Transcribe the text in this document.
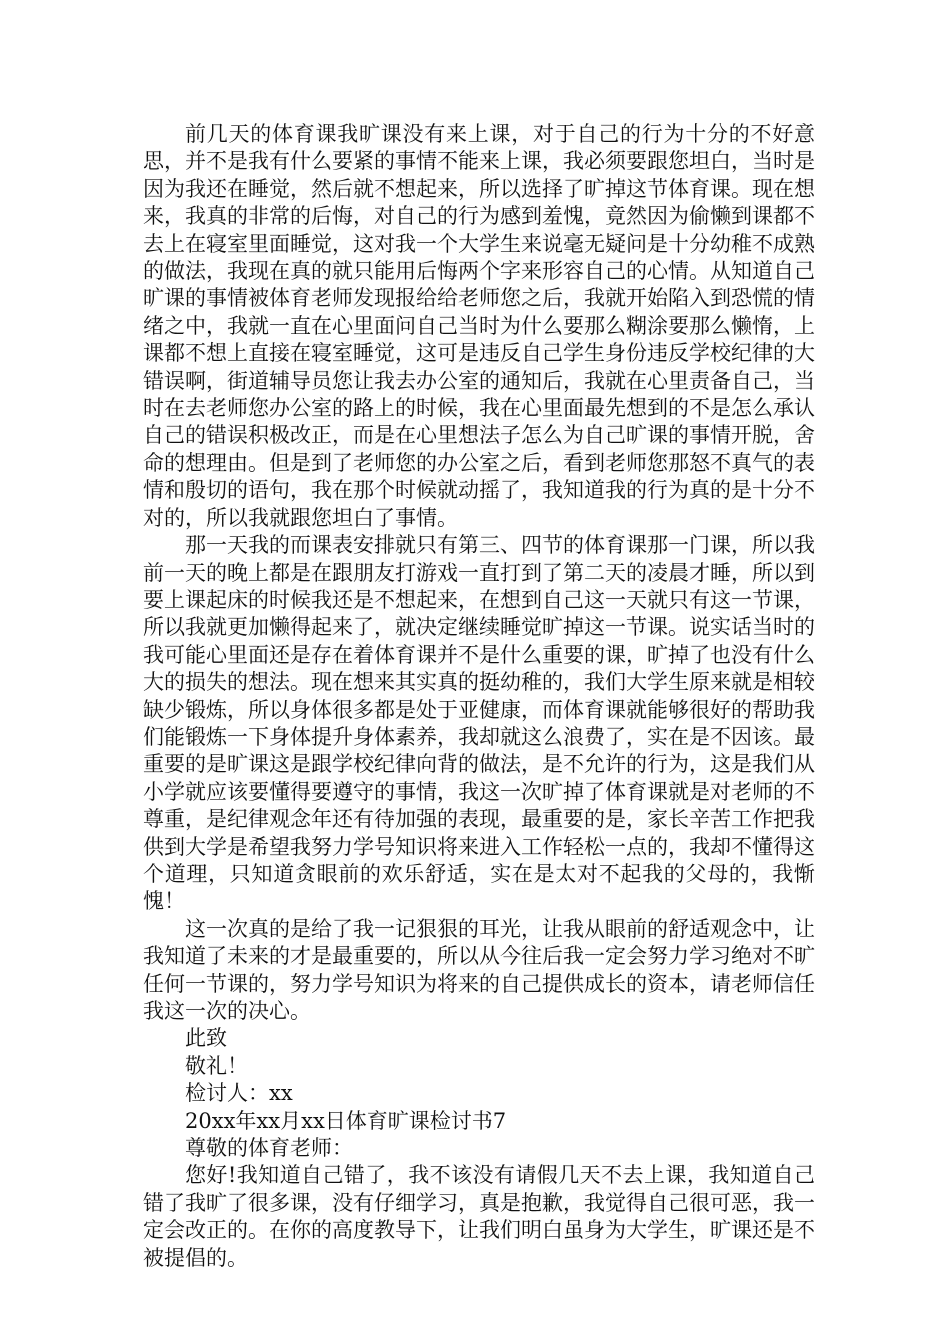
前几天的体育课我旷课没有来上课，对于自己的行为十分的不好意思，并不是我有什么要紧的事情不能来上课，我必须要跟您坦白，当时是因为我还在睡觉，然后就不想起来，所以选择了旷掉这节体育课。现在想来，我真的非常的后悔，对自己的行为感到羞愧，竟然因为偷懒到课都不去上在寝室里面睡觉，这对我一个大学生来说毫无疑问是十分幼稚不成熟的做法，我现在真的就只能用后悔两个字来形容自己的心情。从知道自己旷课的事情被体育老师发现报给给老师您之后，我就开始陷入到恐慌的情绪之中，我就一直在心里面问自己当时为什么要那么糊涂要那么懒惰，上课都不想上直接在寝室睡觉，这可是违反自己学生身份违反学校纪律的大错误啊，街道辅导员您让我去办公室的通知后，我就在心里责备自己，当时在去老师您办公室的路上的时候，我在心里面最先想到的不是怎么承认自己的错误积极改正，而是在心里想法子怎么为自己旷课的事情开脱，舍命的想理由。但是到了老师您的办公室之后，看到老师您那怒不真气的表情和殷切的语句，我在那个时候就动摇了，我知道我的行为真的是十分不对的，所以我就跟您坦白了事情。

那一天我的而课表安排就只有第三、四节的体育课那一门课，所以我前一天的晚上都是在跟朋友打游戏一直打到了第二天的凌晨才睡，所以到要上课起床的时候我还是不想起来，在想到自己这一天就只有这一节课，所以我就更加懒得起来了，就决定继续睡觉旷掉这一节课。说实话当时的我可能心里面还是存在着体育课并不是什么重要的课，旷掉了也没有什么大的损失的想法。现在想来其实真的挺幼稚的，我们大学生原来就是相较缺少锻炼，所以身体很多都是处于亚健康，而体育课就能够很好的帮助我们能锻炼一下身体提升身体素养，我却就这么浪费了，实在是不因该。最重要的是旷课这是跟学校纪律向背的做法，是不允许的行为，这是我们从小学就应该要懂得要遵守的事情，我这一次旷掉了体育课就是对老师的不尊重，是纪律观念年还有待加强的表现，最重要的是，家长辛苦工作把我供到大学是希望我努力学号知识将来进入工作轻松一点的，我却不懂得这个道理，只知道贪眼前的欢乐舒适，实在是太对不起我的父母的，我惭愧！

这一次真的是给了我一记狠狠的耳光，让我从眼前的舒适观念中，让我知道了未来的才是最重要的，所以从今往后我一定会努力学习绝对不旷任何一节课的，努力学号知识为将来的自己提供成长的资本，请老师信任我这一次的决心。

此致

敬礼！

检讨人：xx

20xx年xx月xx日体育旷课检讨书7

尊敬的体育老师：

您好!我知道自己错了，我不该没有请假几天不去上课，我知道自己错了我旷了很多课，没有仔细学习，真是抱歉，我觉得自己很可恶，我一定会改正的。在你的高度教导下，让我们明白虽身为大学生，旷课还是不被提倡的。
